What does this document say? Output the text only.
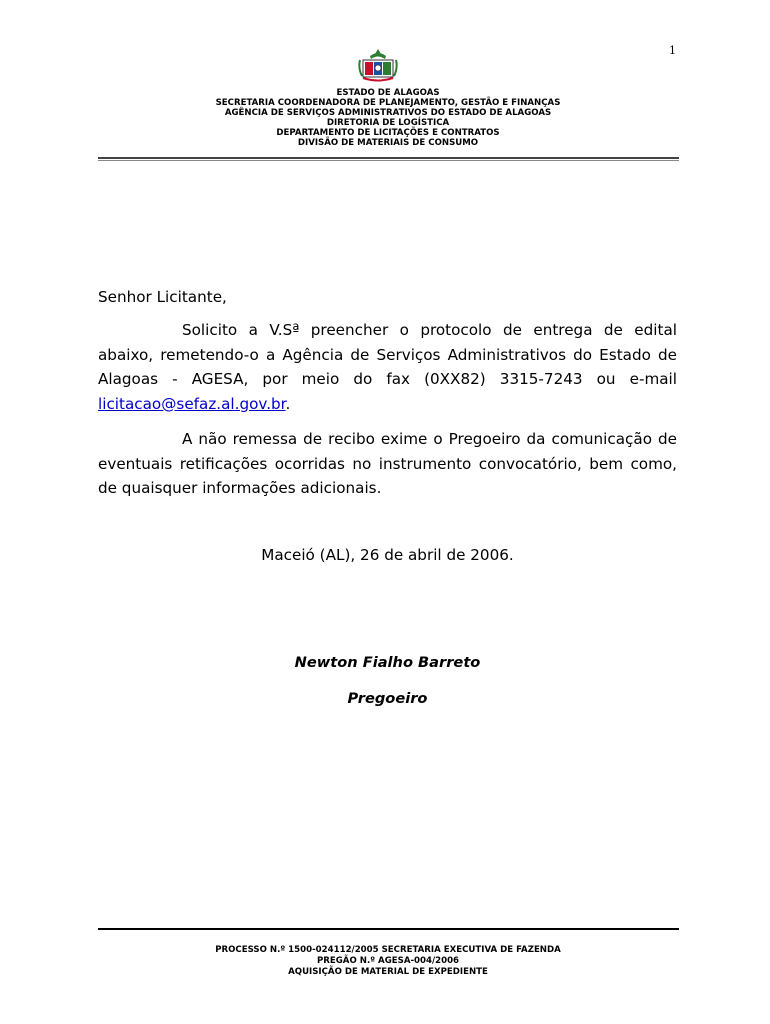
1
ESTADO DE ALAGOAS
SECRETARIA COORDENADORA DE PLANEJAMENTO, GESTÃO E FINANÇAS
AGÊNCIA DE SERVIÇOS ADMINISTRATIVOS DO ESTADO DE ALAGOAS
DIRETORIA DE LOGÍSTICA
DEPARTAMENTO DE LICITAÇÕES E CONTRATOS
DIVISÃO DE MATERIAIS DE CONSUMO
Senhor Licitante,
Solicito a V.Sª preencher o protocolo de entrega de edital abaixo, remetendo-o a Agência de Serviços Administrativos do Estado de Alagoas - AGESA, por meio do fax (0XX82) 3315-7243 ou e-mail licitacao@sefaz.al.gov.br.
A não remessa de recibo exime o Pregoeiro da comunicação de eventuais retificações ocorridas no instrumento convocatório, bem como, de quaisquer informações adicionais.
Maceió (AL), 26 de abril de 2006.
Newton Fialho Barreto
Pregoeiro
PROCESSO N.º 1500-024112/2005 SECRETARIA EXECUTIVA DE FAZENDA
PREGÃO N.º AGESA-004/2006
AQUISIÇÃO DE MATERIAL DE EXPEDIENTE
